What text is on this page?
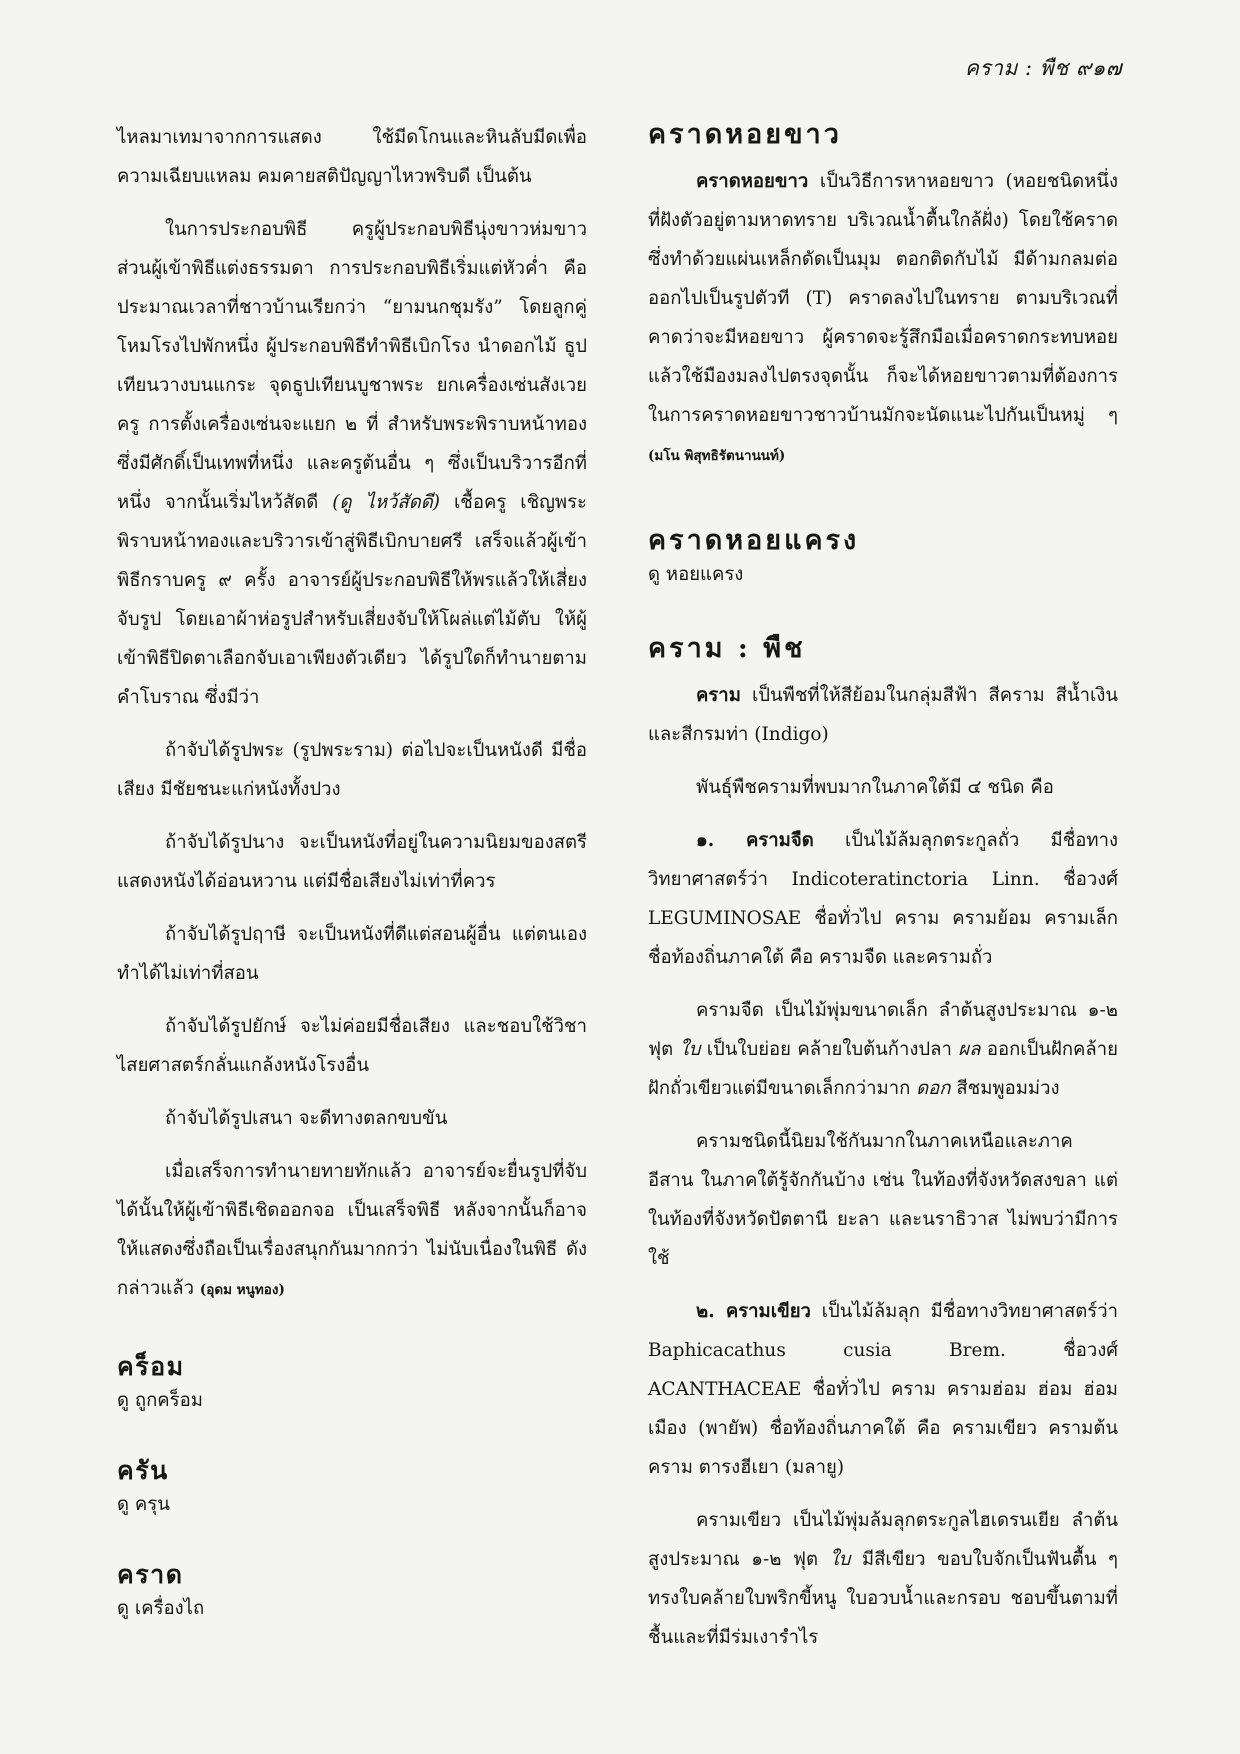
คราม : พืช ๙๑๗

ไหลมาเทมาจากการแสดง ใช้มีดโกนและหินลับมีดเพื่อความเฉียบแหลม คมคายสติปัญญาไหวพริบดี เป็นต้น

ในการประกอบพิธี ครูผู้ประกอบพิธีนุ่งขาวห่มขาว ส่วนผู้เข้าพิธีแต่งธรรมดา การประกอบพิธีเริ่มแต่หัวค่ำ คือ ประมาณเวลาที่ชาวบ้านเรียกว่า “ยามนกชุมรัง” โดยลูกคู่โหมโรงไปพักหนึ่ง ผู้ประกอบพิธีทำพิธีเบิกโรง นำดอกไม้ ธูปเทียนวางบนแกระ จุดธูปเทียนบูชาพระ ยกเครื่องเซ่นสังเวยครู การตั้งเครื่องเซ่นจะแยก ๒ ที่ สำหรับพระพิราบหน้าทองซึ่งมีศักดิ์เป็นเทพที่หนึ่ง และครูต้นอื่น ๆ ซึ่งเป็นบริวารอีกที่หนึ่ง จากนั้นเริ่มไหว้สัดดี (ดู ไหว้สัดดี) เชื้อครู เชิญพระพิราบหน้าทองและบริวารเข้าสู่พิธีเบิกบายศรี เสร็จแล้วผู้เข้าพิธีกราบครู ๙ ครั้ง อาจารย์ผู้ประกอบพิธีให้พรแล้วให้เสี่ยงจับรูป โดยเอาผ้าห่อรูปสำหรับเสี่ยงจับให้โผล่แต่ไม้ตับ ให้ผู้เข้าพิธีปิดตาเลือกจับเอาเพียงตัวเดียว ได้รูปใดก็ทำนายตามคำโบราณ ซึ่งมีว่า

ถ้าจับได้รูปพระ (รูปพระราม) ต่อไปจะเป็นหนังดี มีชื่อเสียง มีชัยชนะแก่หนังทั้งปวง

ถ้าจับได้รูปนาง จะเป็นหนังที่อยู่ในความนิยมของสตรี แสดงหนังได้อ่อนหวาน แต่มีชื่อเสียงไม่เท่าที่ควร

ถ้าจับได้รูปฤาษี จะเป็นหนังที่ดีแต่สอนผู้อื่น แต่ตนเองทำได้ไม่เท่าที่สอน

ถ้าจับได้รูปยักษ์ จะไม่ค่อยมีชื่อเสียง และชอบใช้วิชาไสยศาสตร์กลั่นแกล้งหนังโรงอื่น

ถ้าจับได้รูปเสนา จะดีทางตลกขบขัน

เมื่อเสร็จการทำนายทายทักแล้ว อาจารย์จะยื่นรูปที่จับได้นั้นให้ผู้เข้าพิธีเชิดออกจอ เป็นเสร็จพิธี หลังจากนั้นก็อาจให้แสดงซึ่งถือเป็นเรื่องสนุกกันมากกว่า ไม่นับเนื่องในพิธี ดังกล่าวแล้ว (อุดม หนูทอง)

คร็อม

ดู ถูกคร็อม

ครัน

ดู ครุน

คราด

ดู เครื่องไถ

คราดหอยขาว

คราดหอยขาว เป็นวิธีการหาหอยขาว (หอยชนิดหนึ่งที่ฝังตัวอยู่ตามหาดทราย บริเวณน้ำตื้นใกล้ฝั่ง) โดยใช้คราดซึ่งทำด้วยแผ่นเหล็กดัดเป็นมุม ตอกติดกับไม้ มีด้ามกลมต่อออกไปเป็นรูปตัวที (T) คราดลงไปในทราย ตามบริเวณที่คาดว่าจะมีหอยขาว ผู้คราดจะรู้สึกมือเมื่อคราดกระทบหอย แล้วใช้มืองมลงไปตรงจุดนั้น ก็จะได้หอยขาวตามที่ต้องการ ในการคราดหอยขาวชาวบ้านมักจะนัดแนะไปกันเป็นหมู่ ๆ (มโน พิสุทธิรัตนานนท์)

คราดหอยแครง

ดู หอยแครง

คราม : พืช

คราม เป็นพืชที่ให้สีย้อมในกลุ่มสีฟ้า สีคราม สีน้ำเงินและสีกรมท่า (Indigo)

พันธุ์พืชครามที่พบมากในภาคใต้มี ๔ ชนิด คือ

๑. ครามจืด เป็นไม้ล้มลุกตระกูลถั่ว มีชื่อทางวิทยาศาสตร์ว่า Indicoteratinctoria Linn. ชื่อวงศ์ LEGUMINOSAE ชื่อทั่วไป คราม ครามย้อม ครามเล็ก ชื่อท้องถิ่นภาคใต้ คือ ครามจืด และครามถั่ว

ครามจืด เป็นไม้พุ่มขนาดเล็ก ลำต้นสูงประมาณ ๑-๒ ฟุต ใบ เป็นใบย่อย คล้ายใบต้นก้างปลา ผล ออกเป็นฝักคล้ายฝักถั่วเขียวแต่มีขนาดเล็กกว่ามาก ดอก สีชมพูอมม่วง

ครามชนิดนี้นิยมใช้กันมากในภาคเหนือและภาคอีสาน ในภาคใต้รู้จักกันบ้าง เช่น ในท้องที่จังหวัดสงขลา แต่ในท้องที่จังหวัดปัตตานี ยะลา และนราธิวาส ไม่พบว่ามีการใช้

๒. ครามเขียว เป็นไม้ล้มลุก มีชื่อทางวิทยาศาสตร์ว่า Baphicacathus cusia Brem. ชื่อวงศ์ ACANTHACEAE ชื่อทั่วไป คราม ครามฮ่อม ฮ่อม ฮ่อมเมือง (พายัพ) ชื่อท้องถิ่นภาคใต้ คือ ครามเขียว ครามต้น คราม ตารงฮีเยา (มลายู)

ครามเขียว เป็นไม้พุ่มล้มลุกตระกูลไฮเดรนเยีย ลำต้นสูงประมาณ ๑-๒ ฟุต ใบ มีสีเขียว ขอบใบจักเป็นฟันตื้น ๆ ทรงใบคล้ายใบพริกขี้หนู ใบอวบน้ำและกรอบ ชอบขึ้นตามที่ชื้นและที่มีร่มเงารำไร
